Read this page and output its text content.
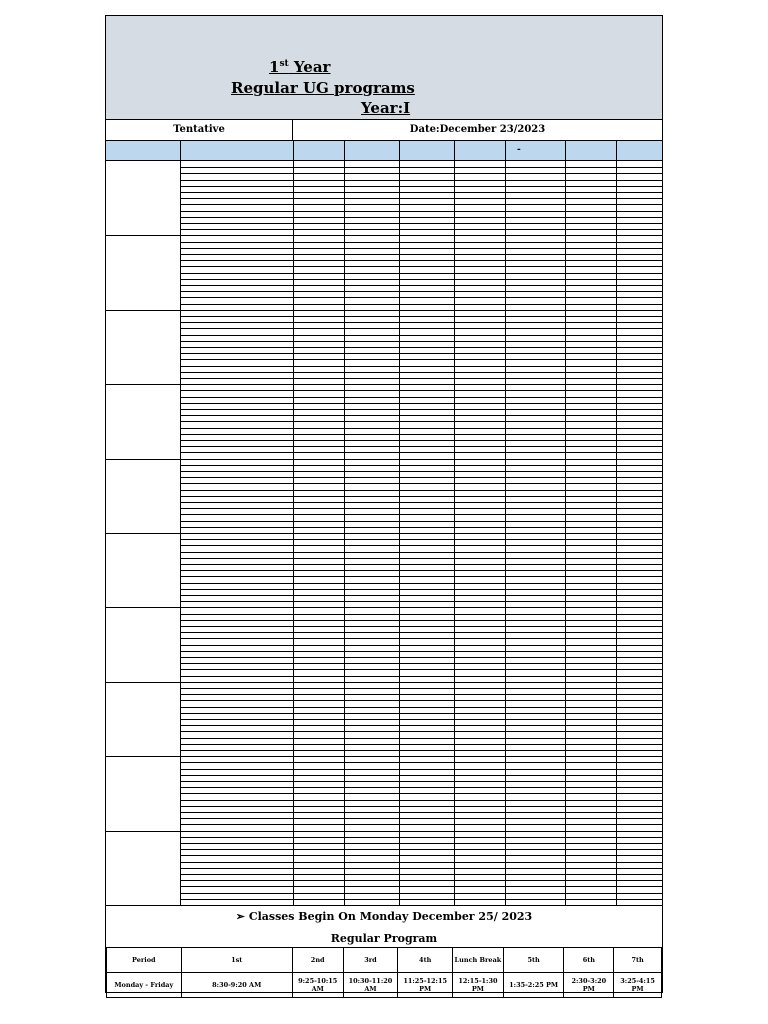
1st Year
Regular UG programs
Year:I
Tentative	Date:December 23/2023
-
➢ Classes Begin On Monday December 25/ 2023
Regular Program
Period	1st	2nd	3rd	4th	Lunch Break	5th	6th	7th
Monday - Friday	8:30-9:20 AM	9:25-10:15 AM	10:30-11:20 AM	11:25-12:15 PM	12:15-1:30 PM	1:35-2:25 PM	2:30-3:20 PM	3:25-4:15 PM
